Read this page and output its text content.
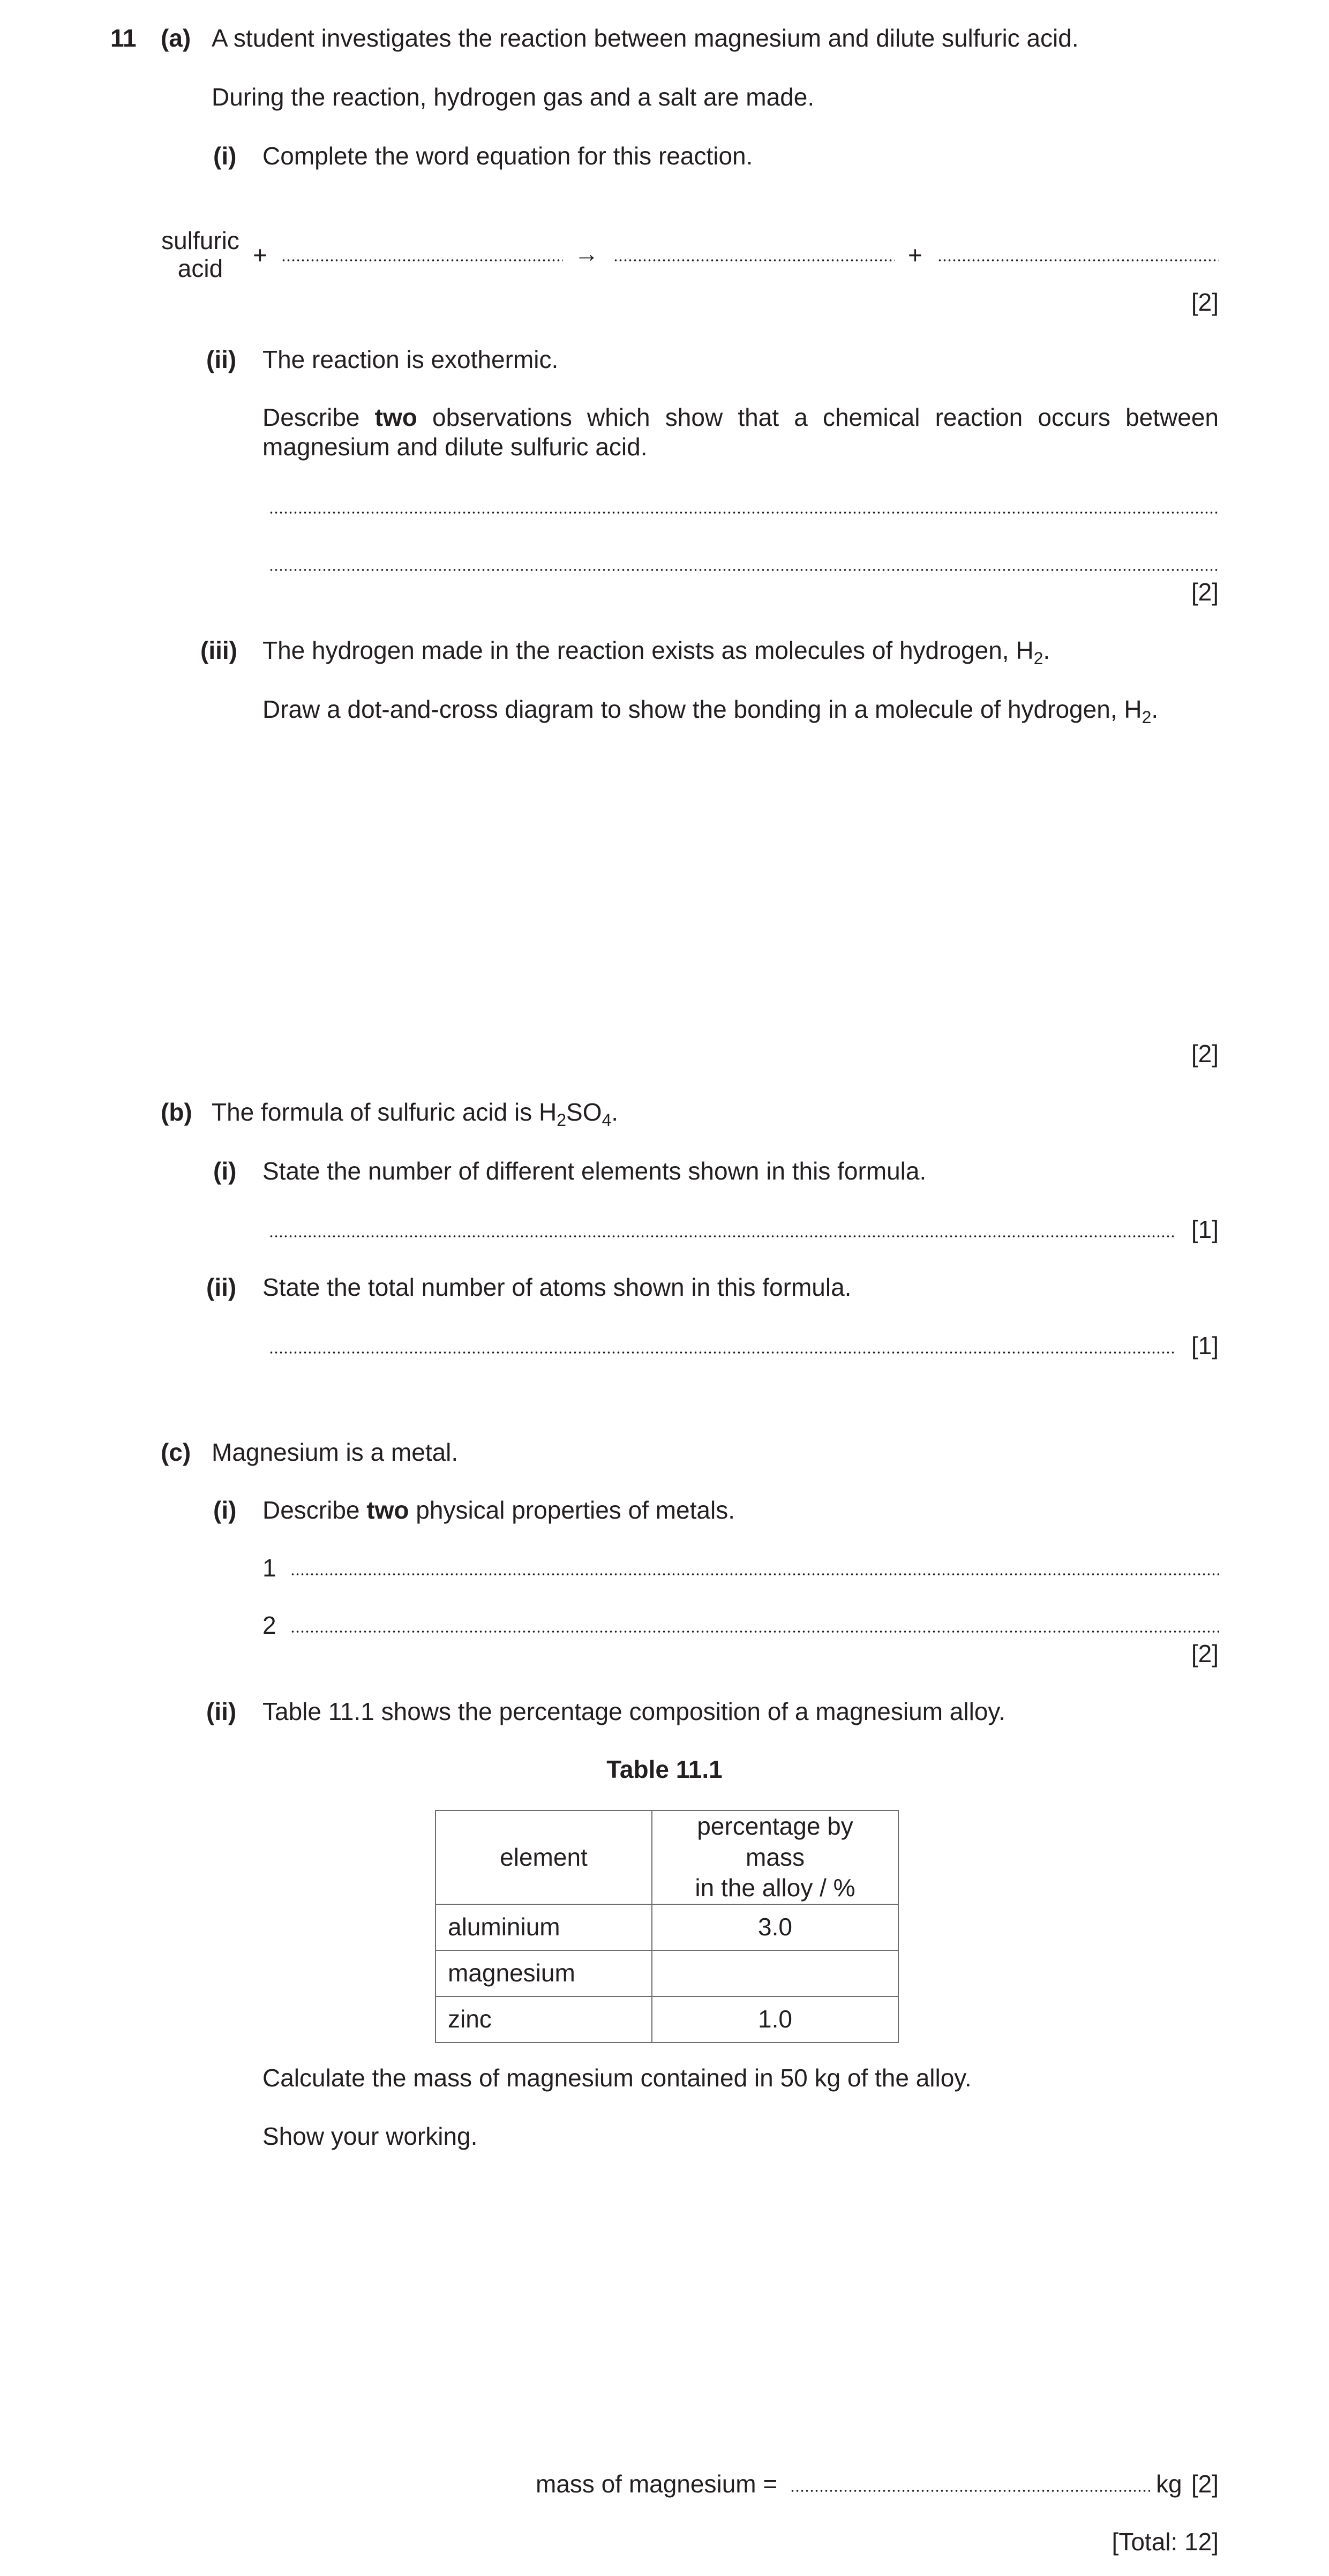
11 (a) A student investigates the reaction between magnesium and dilute sulfuric acid.
During the reaction, hydrogen gas and a salt are made.
(i) Complete the word equation for this reaction.
sulfuric
acid	+	→	+
[2]
(ii) The reaction is exothermic.
Describe two observations which show that a chemical reaction occurs between magnesium and dilute sulfuric acid.
[2]
(iii) The hydrogen made in the reaction exists as molecules of hydrogen, $H_2$.
Draw a dot-and-cross diagram to show the bonding in a molecule of hydrogen, $H_2$.
[2]
(b) The formula of sulfuric acid is $H_2SO_4$.
(i) State the number of different elements shown in this formula.
[1]
(ii) State the total number of atoms shown in this formula.
[1]
(c) Magnesium is a metal.
(i) Describe two physical properties of metals.
1
2
[2]
(ii) Table 11.1 shows the percentage composition of a magnesium alloy.
Table 11.1
element	percentage by mass
in the alloy / %

aluminium	3.0
magnesium	
zinc	1.0
Calculate the mass of magnesium contained in 50 kg of the alloy.
Show your working.
mass of magnesium =	kg [2]
[Total: 12]
